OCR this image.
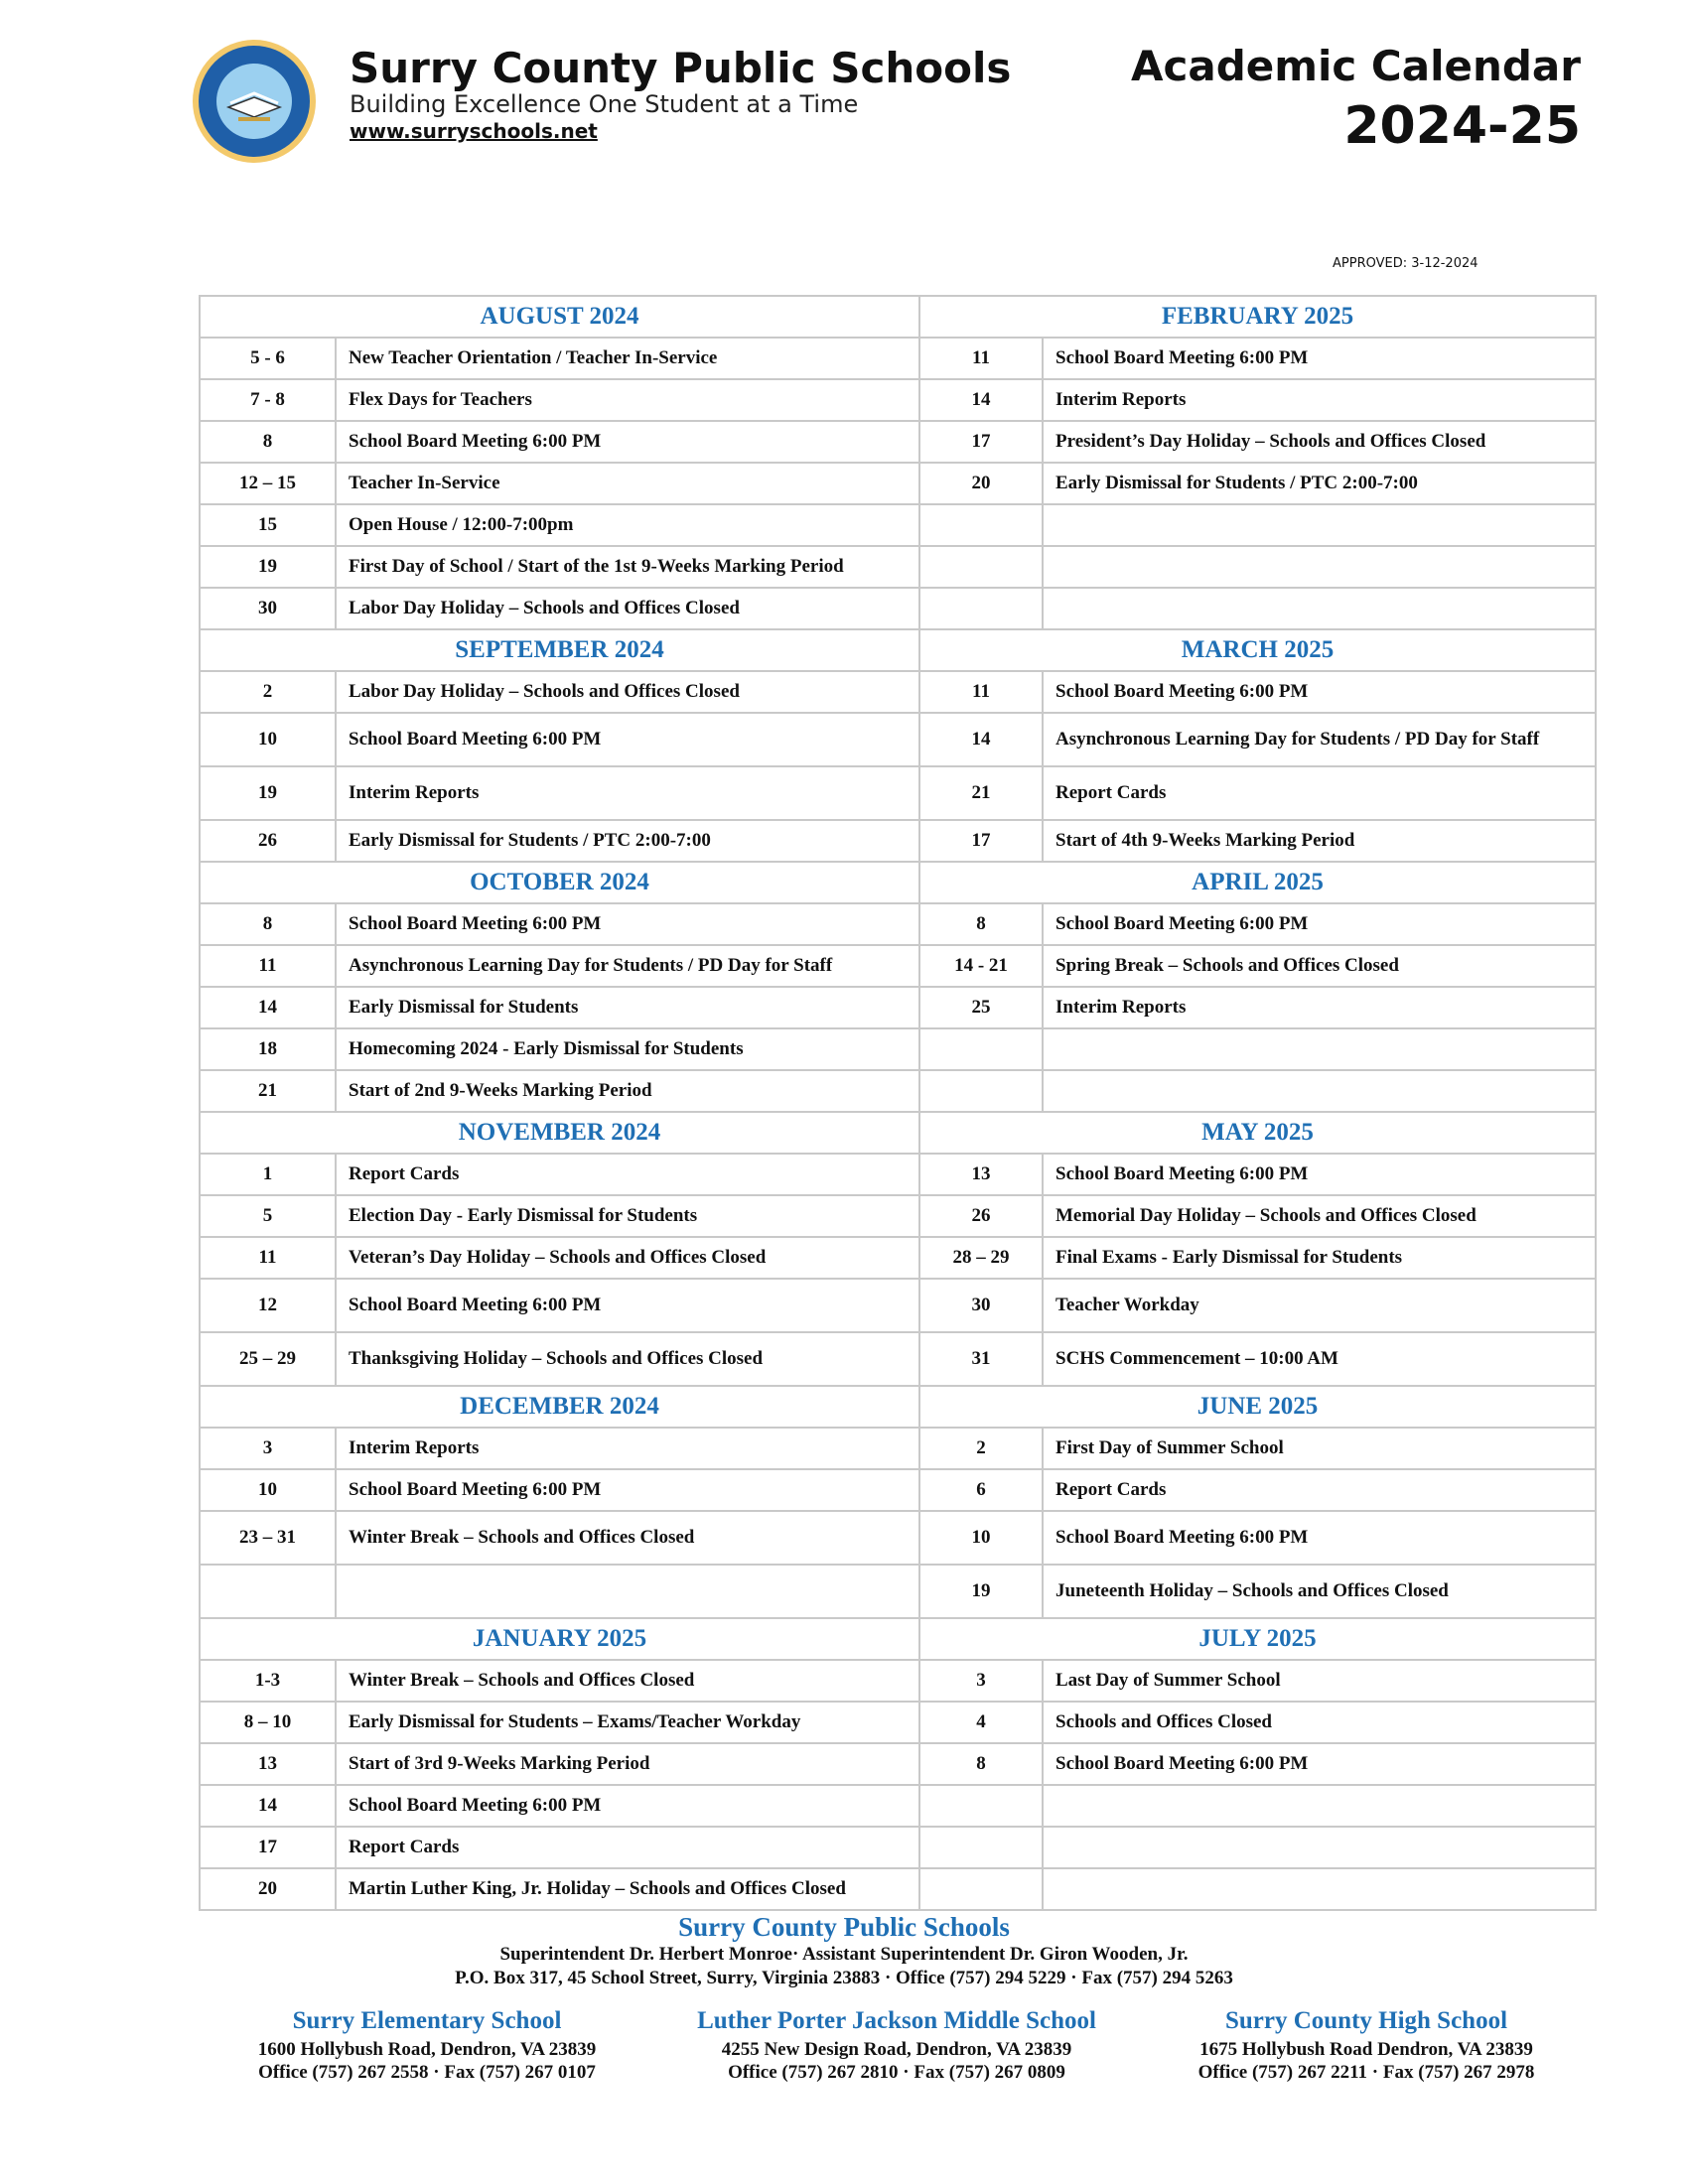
Surry County Public Schools
Building Excellence One Student at a Time
www.surryschools.net
Academic Calendar
2024-25
APPROVED: 3-12-2024
AUGUST 2024		FEBRUARY 2025	
5 - 6	New Teacher Orientation / Teacher In-Service	11	School Board Meeting 6:00 PM
7 - 8	Flex Days for Teachers	14	Interim Reports
8	School Board Meeting 6:00 PM	17	President’s Day Holiday – Schools and Offices Closed
12 – 15	Teacher In-Service	20	Early Dismissal for Students / PTC 2:00-7:00
15	Open House / 12:00-7:00pm		
19	First Day of School / Start of the 1st 9-Weeks Marking Period		
30	Labor Day Holiday – Schools and Offices Closed		
SEPTEMBER 2024		MARCH 2025	
2	Labor Day Holiday – Schools and Offices Closed	11	School Board Meeting 6:00 PM
10	School Board Meeting 6:00 PM	14	Asynchronous Learning Day for Students / PD Day for Staff
19	Interim Reports	21	Report Cards
26	Early Dismissal for Students / PTC 2:00-7:00	17	Start of 4th 9-Weeks Marking Period
OCTOBER 2024		APRIL 2025	
8	School Board Meeting 6:00 PM	8	School Board Meeting 6:00 PM
11	Asynchronous Learning Day for Students / PD Day for Staff	14 - 21	Spring Break – Schools and Offices Closed
14	Early Dismissal for Students	25	Interim Reports
18	Homecoming 2024 - Early Dismissal for Students		
21	Start of 2nd 9-Weeks Marking Period		
NOVEMBER 2024		MAY 2025	
1	Report Cards	13	School Board Meeting 6:00 PM
5	Election Day - Early Dismissal for Students	26	Memorial Day Holiday – Schools and Offices Closed
11	Veteran’s Day Holiday – Schools and Offices Closed	28 – 29	Final Exams - Early Dismissal for Students
12	School Board Meeting 6:00 PM	30	Teacher Workday
25 – 29	Thanksgiving Holiday – Schools and Offices Closed	31	SCHS Commencement – 10:00 AM
DECEMBER 2024		JUNE 2025	
3	Interim Reports	2	First Day of Summer School
10	School Board Meeting 6:00 PM	6	Report Cards
23 – 31	Winter Break – Schools and Offices Closed	10	School Board Meeting 6:00 PM
		19	Juneteenth Holiday – Schools and Offices Closed
JANUARY 2025		JULY 2025	
1-3	Winter Break – Schools and Offices Closed	3	Last Day of Summer School
8 – 10	Early Dismissal for Students – Exams/Teacher Workday	4	Schools and Offices Closed
13	Start of 3rd 9-Weeks Marking Period	8	School Board Meeting 6:00 PM
14	School Board Meeting 6:00 PM		
17	Report Cards		
20	Martin Luther King, Jr. Holiday – Schools and Offices Closed		
Surry County Public Schools
Superintendent Dr. Herbert Monroe· Assistant Superintendent Dr. Giron Wooden, Jr.
P.O. Box 317, 45 School Street, Surry, Virginia 23883 · Office (757) 294 5229 · Fax (757) 294 5263
Surry Elementary School
1600 Hollybush Road, Dendron, VA 23839
Office (757) 267 2558 · Fax (757) 267 0107
Luther Porter Jackson Middle School
4255 New Design Road, Dendron, VA 23839
Office (757) 267 2810 · Fax (757) 267 0809
Surry County High School
1675 Hollybush Road Dendron, VA 23839
Office (757) 267 2211 · Fax (757) 267 2978
